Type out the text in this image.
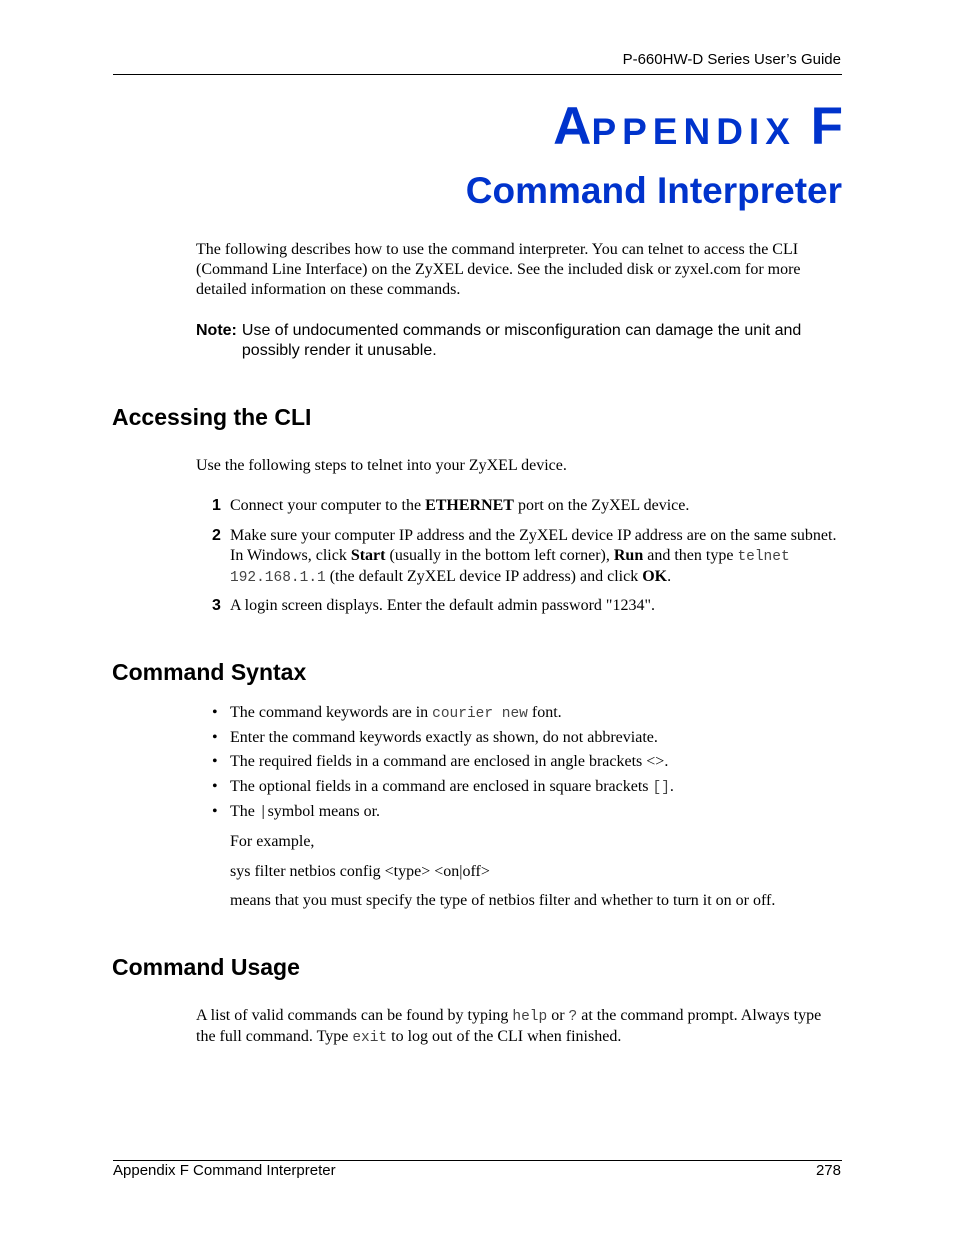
P-660HW-D Series User’s Guide
APPENDIX F
Command Interpreter
The following describes how to use the command interpreter. You can telnet to access the CLI (Command Line Interface) on the ZyXEL device. See the included disk or zyxel.com for more detailed information on these commands.
Note: Use of undocumented commands or misconfiguration can damage the unit and possibly render it unusable.
Accessing the CLI
Use the following steps to telnet into your ZyXEL device.
1 Connect your computer to the ETHERNET port on the ZyXEL device.
2 Make sure your computer IP address and the ZyXEL device IP address are on the same subnet. In Windows, click Start (usually in the bottom left corner), Run and then type telnet 192.168.1.1 (the default ZyXEL device IP address) and click OK.
3 A login screen displays. Enter the default admin password "1234".
Command Syntax
• The command keywords are in courier new font.
• Enter the command keywords exactly as shown, do not abbreviate.
• The required fields in a command are enclosed in angle brackets <>.
• The optional fields in a command are enclosed in square brackets [].
• The |symbol means or.
For example,
sys filter netbios config <type> <on|off>
means that you must specify the type of netbios filter and whether to turn it on or off.
Command Usage
A list of valid commands can be found by typing help or ? at the command prompt. Always type the full command. Type exit to log out of the CLI when finished.
Appendix F Command Interpreter	278
